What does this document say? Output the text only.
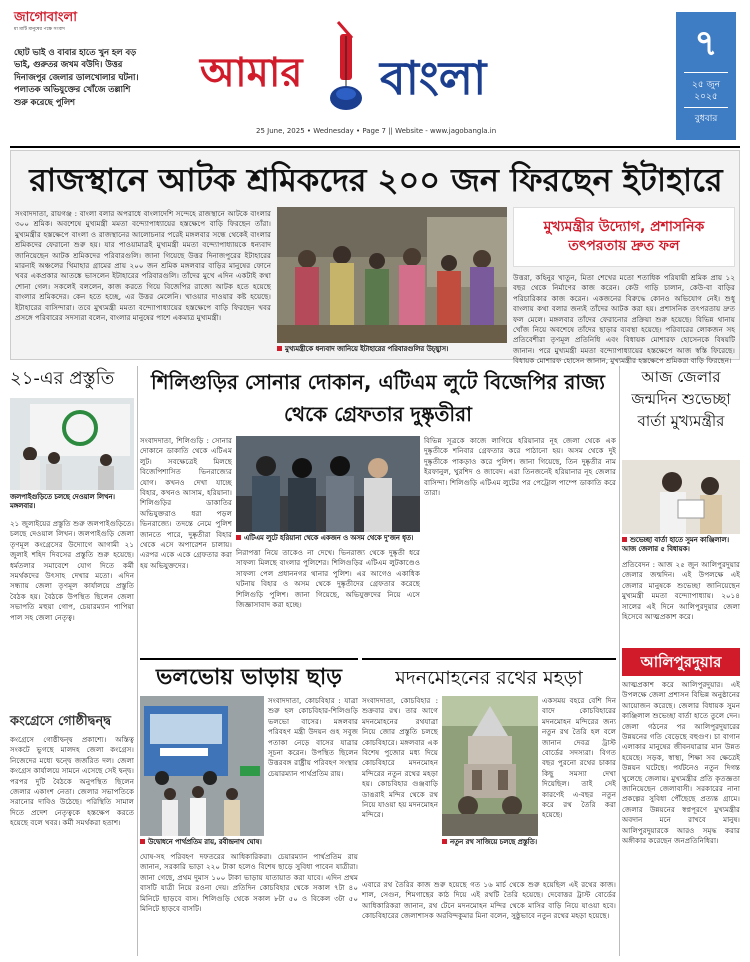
জাগোবাংলা
মা মাটি মানুষের পক্ষে সংবাদ
ছোট ভাই ও বাবার হাতে খুন হল বড় ভাই, গুরুতর জখম বউদি। উত্তর দিনাজপুর জেলার ডালখোলার ঘটনা। পলাতক অভিযুক্তের খোঁজে তল্লাশি শুরু করেছে পুলিশ
আমার বাংলা
25 June, 2025 • Wednesday • Page 7 || Website - www.jagobangla.in
৭
২৫ জুন ২০২৫
বুধবার
রাজস্থানে আটক শ্রমিকদের ২০০ জন ফিরছেন ইটাহারে
সংবাদদাতা, রায়গঞ্জ : বাংলা বলার অপরাধে বাংলাদেশি সন্দেহে রাজস্থানে আটকে বাংলার ৩০০ শ্রমিক। অবশেষে মুখ্যমন্ত্রী মমতা বন্দ্যোপাধ্যায়ের হস্তক্ষেপে বাড়ি ফিরছেন তাঁরা। মুখ্যমন্ত্রীর হস্তক্ষেপে বাংলা ও রাজস্থানের আলোচনার পরেই মঙ্গলবার সন্ধে থেকেই বাংলার শ্রমিকদের ফেরানো শুরু হয়। যার পাওয়ামাত্রই মুখ্যমন্ত্রী মমতা বন্দ্যোপাধ্যায়কে ধন্যবাদ জানিয়েছেন আটক শ্রমিকদের পরিবারগুলি। জানা গিয়েছে উত্তর দিনাজপুরের ইটাহারের মারনাই অঞ্চলের খিমাহার গ্রামের প্রায় ২০০ জন শ্রমিক মঙ্গলবার বাড়ির মানুষের ফোনে খবর একপ্রকার আতঙ্কে ভাসলেন ইটাহারের পরিবারগুলি। তাঁদের মুখে এদিন একটাই কথা শোনা গেল। সকলেই বললেন, কাজ করতে গিয়ে বিজেপির রাজ্যে আটক হতে হয়েছে বাংলার শ্রমিকদের। কেন হতে হচ্ছে, এর উত্তর মেলেনি। খাওয়ার দাওয়ার কষ্ট হয়েছে। ইটাহারের বাসিন্দারা। তবে মুখ্যমন্ত্রী মমতা বন্দ্যোপাধ্যায়ের হস্তক্ষেপে বাড়ি ফিরছেন খবর প্রসঙ্গে পরিবারের সদস্যরা বলেন, বাংলার মানুষের পাশে একমাত্র মুখ্যমন্ত্রী।
মুখ্যমন্ত্রীকে ধন্যবাদ জানিয়ে ইটাহারের পরিবারগুলির উচ্ছ্বাস।
মুখ্যমন্ত্রীর উদ্যোগ, প্রশাসনিক তৎপরতায় দ্রুত ফল
উত্তরা, কহিনুর খাতুন, মিতা শেখের মতো শতাধিক পরিযায়ী শ্রমিক প্রায় ১২ বছর থেকে নির্মাণের কাজ করেন। কেউ গাড়ি চালান, কেউ-বা বাড়ির পরিচারিকার কাজ করেন। একজনের বিরুদ্ধে কোনও অভিযোগ নেই। শুধু বাংলায় কথা বলার জন্যই তাঁদের আটক করা হয়। প্রশাসনিক তৎপরতায় দ্রুত ফল মেলে। মঙ্গলবার তাঁদের ফেরানোর প্রক্রিয়া শুরু হয়েছে। বিভিন্ন থানায় খোঁজ নিয়ে অবশেষে তাঁদের ছাড়ার ব্যবস্থা হয়েছে। পরিবারের লোকজন সহ প্রতিবেশীরা তৃণমূল প্রতিনিধি এবং বিধায়ক মোশারফ হোসেনকে বিষয়টি জানান। পরে মুখ্যমন্ত্রী মমতা বন্দ্যোপাধ্যায়ের হস্তক্ষেপে আজ স্বস্তি ফিরেছে। বিধায়ক মোশারফ হোসেন জানান, মুখ্যমন্ত্রীর হস্তক্ষেপে শ্রমিকরা বাড়ি ফিরছেন।
২১-এর প্রস্তুতি
জলপাইগুড়িতে চলছে দেওয়াল লিখন। মঙ্গলবার।
২১ জুলাইয়ের প্রস্তুতি শুরু জলপাইগুড়িতে। চলছে দেওয়াল লিখন। জলপাইগুড়ি জেলা তৃণমূল কংগ্রেসের উদ্যোগে আগামী ২১ জুলাই শহিদ দিবসের প্রস্তুতি শুরু হয়েছে। ধর্মতলার সমাবেশে যোগ দিতে কর্মী সমর্থকদের উৎসাহ দেখার মতো। এদিন সন্ধ্যায় জেলা তৃণমূল কার্যালয়ে প্রস্তুতি বৈঠক হয়। বৈঠকে উপস্থিত ছিলেন জেলা সভাপতি মহুয়া গোপ, চেয়ারম্যান পাপিয়া পাল সহ জেলা নেতৃত্ব।
কংগ্রেসে গোষ্ঠীদ্বন্দ্ব
কংগ্রেসে গোষ্ঠীদ্বন্দ্ব প্রকাশ্যে। অস্তিত্ব সংকটে ভুগছে মালদহ জেলা কংগ্রেস। নিজেদের মধ্যে দ্বন্দ্বে জর্জরিত দল। জেলা কংগ্রেস কার্যালয়ে সামনে এসেছে সেই দ্বন্দ্ব। পরপর দুটি বৈঠকে অনুপস্থিত ছিলেন জেলার একাংশ নেতা। জেলার সভাপতিকে সরানোর দাবিও উঠেছে। পরিস্থিতি সামাল দিতে প্রদেশ নেতৃত্বকে হস্তক্ষেপ করতে হয়েছে বলে খবর। কর্মী সমর্থকরা হতাশ।
শিলিগুড়ির সোনার দোকান, এটিএম লুটে বিজেপির রাজ্য থেকে গ্রেফতার দুষ্কৃতীরা
সংবাদদাতা, শিলিগুড়ি : সোনার দোকানে ডাকাতি থেকে এটিএম লুট। সবক্ষেত্রেই মিলছে বিজেপিশাসিত ভিনরাজ্যের যোগ। কখনও দেখা যাচ্ছে বিহার, কখনও আসাম, হরিয়ানা। শিলিগুড়ির ডাকাতির অভিযুক্তরাও ধরা পড়ল ভিনরাজ্যে। তদন্তে নেমে পুলিশ জানতে পারে, দুষ্কৃতীরা বিহার থেকে এসে অপারেশন চালায়। এরপর একে একে গ্রেফতার করা হয় অভিযুক্তদের।
এটিএম লুটে হরিয়ানা থেকে একজন ও অসম থেকে দু'জন ধৃত।
নিরাপত্তা নিয়ে তাকেও না দেখে। ভিনরাজ্য থেকে দুষ্কৃতী ধরে সাফল্য মিলছে বাংলার পুলিশের। শিলিগুড়ির এটিএম লুটকাণ্ডেও সাফল্য পেল প্রধাননগর থানার পুলিশ। এর আগেও একাধিক ঘটনায় বিহার ও অসম থেকে দুষ্কৃতীদের গ্রেফতার করেছে শিলিগুড়ি পুলিশ। জানা গিয়েছে, অভিযুক্তদের নিয়ে এসে জিজ্ঞাসাবাদ করা হচ্ছে।
বিভিন্ন সূত্রকে কাজে লাগিয়ে হরিয়ানার নূহ জেলা থেকে এক দুষ্কৃতীকে শনিবার গ্রেফতার করে পাঠানো হয়। অসম থেকে দুই দুষ্কৃতীকে পাকড়াও করে পুলিশ। জানা গিয়েছে, তিন দুষ্কৃতীর নাম ইরফানুল, খুরশিদ ও জাবেদ। এরা তিনজনেই হরিয়ানার নূহ জেলার বাসিন্দা। শিলিগুড়ি এটিএম লুটের পর পেট্রোল পাম্পে ডাকাতি করে তারা।
আজ জেলার জন্মদিন শুভেচ্ছা বার্তা মুখ্যমন্ত্রীর
শুভেচ্ছা বার্তা হাতে সুমন কাঞ্জিলাল। আজ জেলার ৫ বিধায়ক।
প্রতিবেদন : আজ ২৫ জুন আলিপুরদুয়ার জেলার জন্মদিন। এই উপলক্ষে এই জেলার মানুষকে শুভেচ্ছা জানিয়েছেন মুখ্যমন্ত্রী মমতা বন্দ্যোপাধ্যায়। ২০১৪ সালের এই দিনে আলিপুরদুয়ার জেলা হিসেবে আত্মপ্রকাশ করে।
আলিপুরদুয়ার
আত্মপ্রকাশ করে আলিপুরদুয়ার। এই উপলক্ষে জেলা প্রশাসন বিভিন্ন অনুষ্ঠানের আয়োজন করেছে। জেলার বিধায়ক সুমন কাঞ্জিলাল শুভেচ্ছা বার্তা হাতে তুলে দেন। জেলা গঠনের পর আলিপুরদুয়ারের উন্নয়নের গতি বেড়েছে বহুগুণ। চা বাগান এলাকার মানুষের জীবনযাত্রার মান উন্নত হয়েছে। সড়ক, স্বাস্থ্য, শিক্ষা সব ক্ষেত্রেই উন্নয়ন ঘটেছে। পর্যটনেও নতুন দিগন্ত খুলেছে জেলায়। মুখ্যমন্ত্রীর প্রতি কৃতজ্ঞতা জানিয়েছেন জেলাবাসী। সরকারের নানা প্রকল্পের সুবিধা পৌঁছেছে প্রত্যন্ত গ্রামে। জেলার উন্নয়নের স্বপ্নপূরণে মুখ্যমন্ত্রীর অবদান মনে রাখবে মানুষ। আলিপুরদুয়ারকে আরও সমৃদ্ধ করার অঙ্গীকার করেছেন জনপ্রতিনিধিরা।
ভলভোয় ভাড়ায় ছাড়
উদ্বোধনে পার্থপ্রতিম রায়, রবীন্দ্রনাথ ঘোষ।
সংবাদদাতা, কোচবিহার : যাত্রা শুরু হল কোচবিহার-শিলিগুড়ি ভলভো বাসের। মঙ্গলবার পরিবহণ মন্ত্রী উদয়ন গুহ সবুজ পতাকা নেড়ে বাসের যাত্রার সূচনা করেন। উপস্থিত ছিলেন উত্তরবঙ্গ রাষ্ট্রীয় পরিবহণ সংস্থার চেয়ারম্যান পার্থপ্রতিম রায়।
ঘোষ-সহ পরিবহণ দফতরের আধিকারিকরা। চেয়ারম্যান পার্থপ্রতিম রায় জানান, সরকারি ভাড়া ২২০ টাকা হলেও বিশেষ ছাড়ে সুবিধা পাবেন যাত্রীরা। জানা গেছে, প্রথম দুমাস ১০০ টাকা ভাড়ায় যাতায়াত করা যাবে। এদিন প্রথম বাসটি যাত্রী নিয়ে রওনা দেয়। প্রতিদিন কোচবিহার থেকে সকাল ৭টা ৪০ মিনিটে ছাড়বে বাস। শিলিগুড়ি থেকে সকাল ৮টা ৫০ ও বিকেল ৩টা ৫০ মিনিটে ছাড়বে বাসটি।
মদনমোহনের রথের মহড়া
সংবাদদাতা, কোচবিহার : শুক্রবার রথ। তার আগে মদনমোহনের রথযাত্রা নিয়ে জোর প্রস্তুতি চলছে কোচবিহারে। মঙ্গলবার এক বিশেষ পুজোর মধ্য দিয়ে কোচবিহারে মদনমোহন মন্দিরের নতুন রথের মহড়া হয়। কোচবিহার গুঞ্জবাড়ি ডাঙরাই মন্দির থেকে রথ নিয়ে যাওয়া হয় মদনমোহন মন্দিরে।
নতুন রথ সাজিয়ে চলছে প্রস্তুতি।
একসময় বহরে বেশি দিন বাদে কোচবিহারের মদনমোহন মন্দিরের জন্য নতুন রথ তৈরি হল বলে জানান দেবত্র ট্রাস্ট বোর্ডের সদস্যরা। বিগত বছর পুরনো রথের চাকার কিছু সমস্যা দেখা দিয়েছিল। তাই সেই কারণেই এ-বছর নতুন করে রথ তৈরি করা হয়েছে।
এবারে রথ তৈরির কাজ শুরু হয়েছে গত ১৬ মার্চ থেকে শুরু হয়েছিল এই রথের কাজ। শাল, সেগুন, শিমগাছের কাঠ দিয়ে এই রথটি তৈরি হয়েছে। দেবোত্তর ট্রাস্ট বোর্ডের আধিকারিকরা জানান, রথ টেনে মদনমোহন মন্দির থেকে মাসির বাড়ি নিয়ে যাওয়া হবে। কোচবিহারের জেলাশাসক অরবিন্দকুমার মিনা বলেন, সুষ্ঠুভাবে নতুন রথের মহড়া হয়েছে।
